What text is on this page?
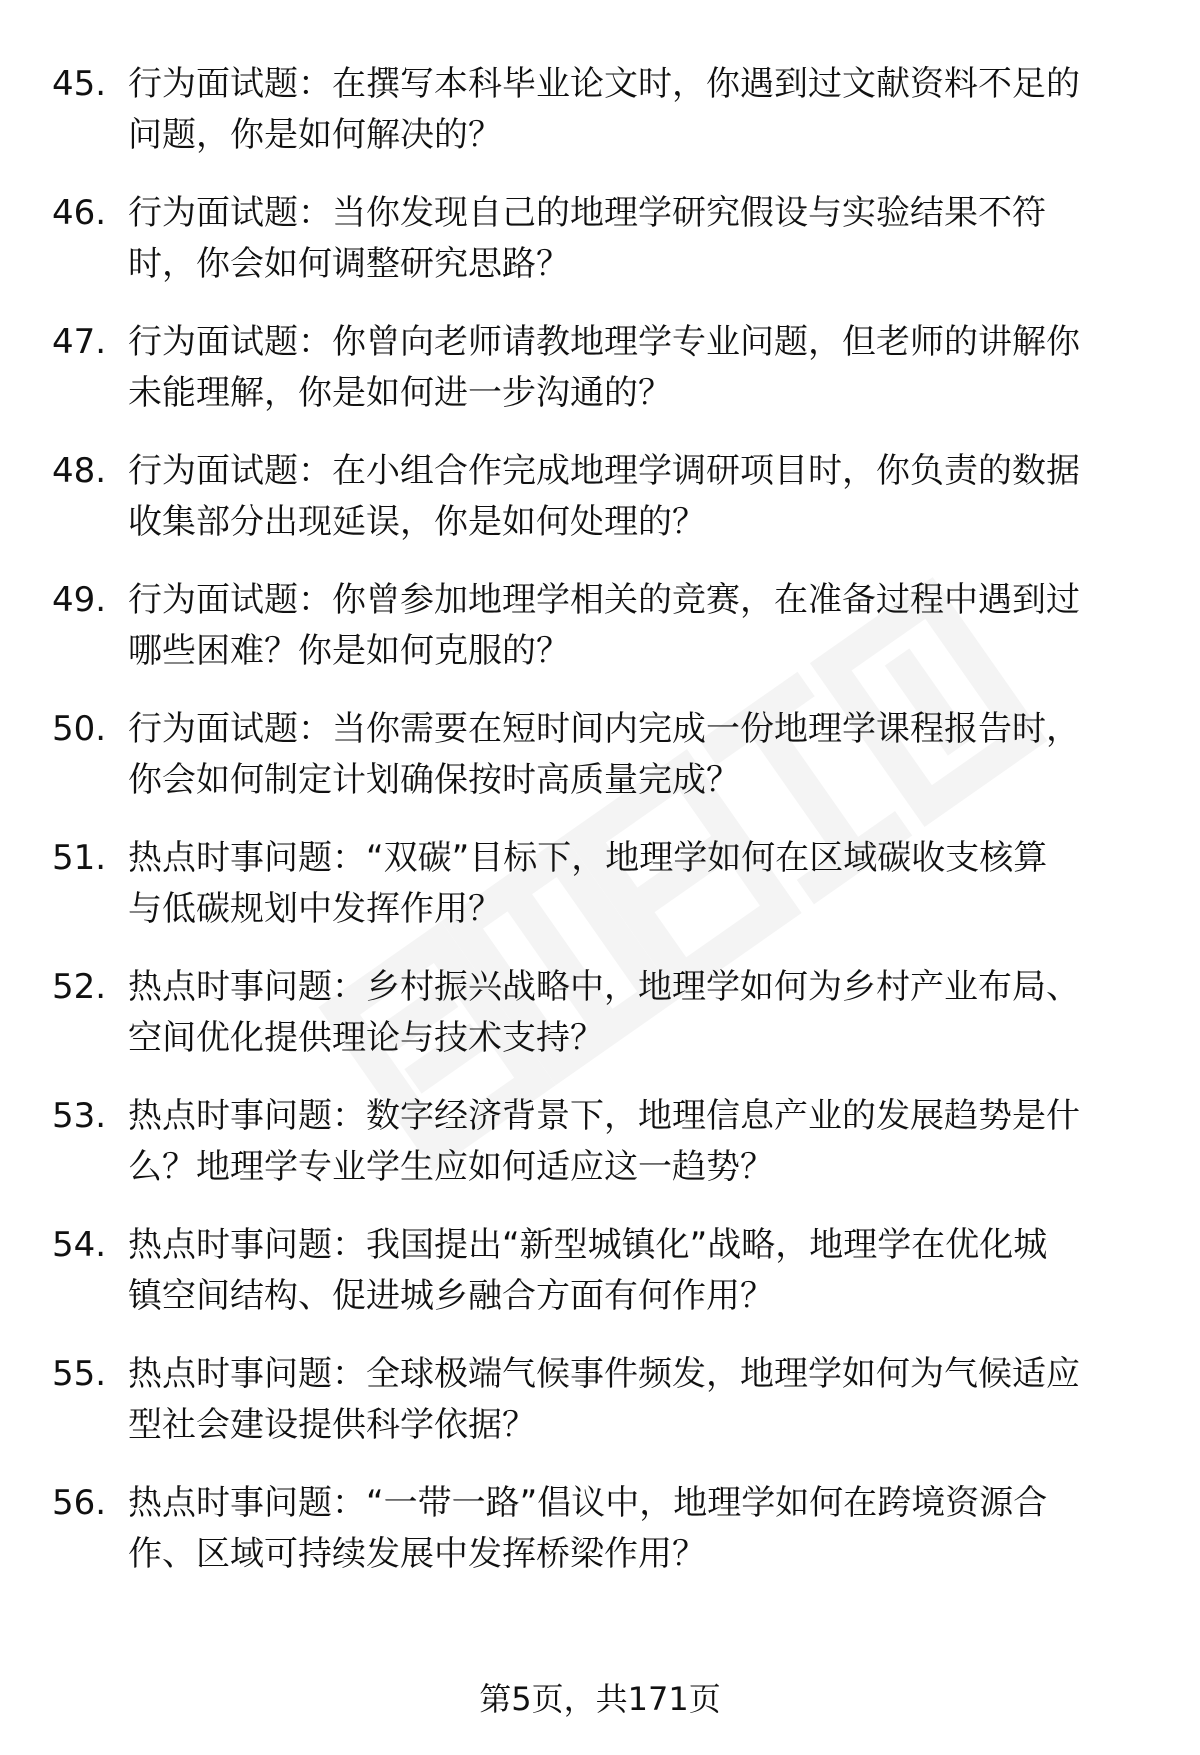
45. 行为面试题：在撰写本科毕业论文时，你遇到过文献资料不足的
问题，你是如何解决的？
46. 行为面试题：当你发现自己的地理学研究假设与实验结果不符
时，你会如何调整研究思路？
47. 行为面试题：你曾向老师请教地理学专业问题，但老师的讲解你
未能理解，你是如何进一步沟通的？
48. 行为面试题：在小组合作完成地理学调研项目时，你负责的数据
收集部分出现延误，你是如何处理的？
49. 行为面试题：你曾参加地理学相关的竞赛，在准备过程中遇到过
哪些困难？你是如何克服的？
50. 行为面试题：当你需要在短时间内完成一份地理学课程报告时，
你会如何制定计划确保按时高质量完成？
51. 热点时事问题：“双碳”目标下，地理学如何在区域碳收支核算
与低碳规划中发挥作用？
52. 热点时事问题：乡村振兴战略中，地理学如何为乡村产业布局、
空间优化提供理论与技术支持？
53. 热点时事问题：数字经济背景下，地理信息产业的发展趋势是什
么？地理学专业学生应如何适应这一趋势？
54. 热点时事问题：我国提出“新型城镇化”战略，地理学在优化城
镇空间结构、促进城乡融合方面有何作用？
55. 热点时事问题：全球极端气候事件频发，地理学如何为气候适应
型社会建设提供科学依据？
56. 热点时事问题：“一带一路”倡议中，地理学如何在跨境资源合
作、区域可持续发展中发挥桥梁作用？
第5页，共171页
